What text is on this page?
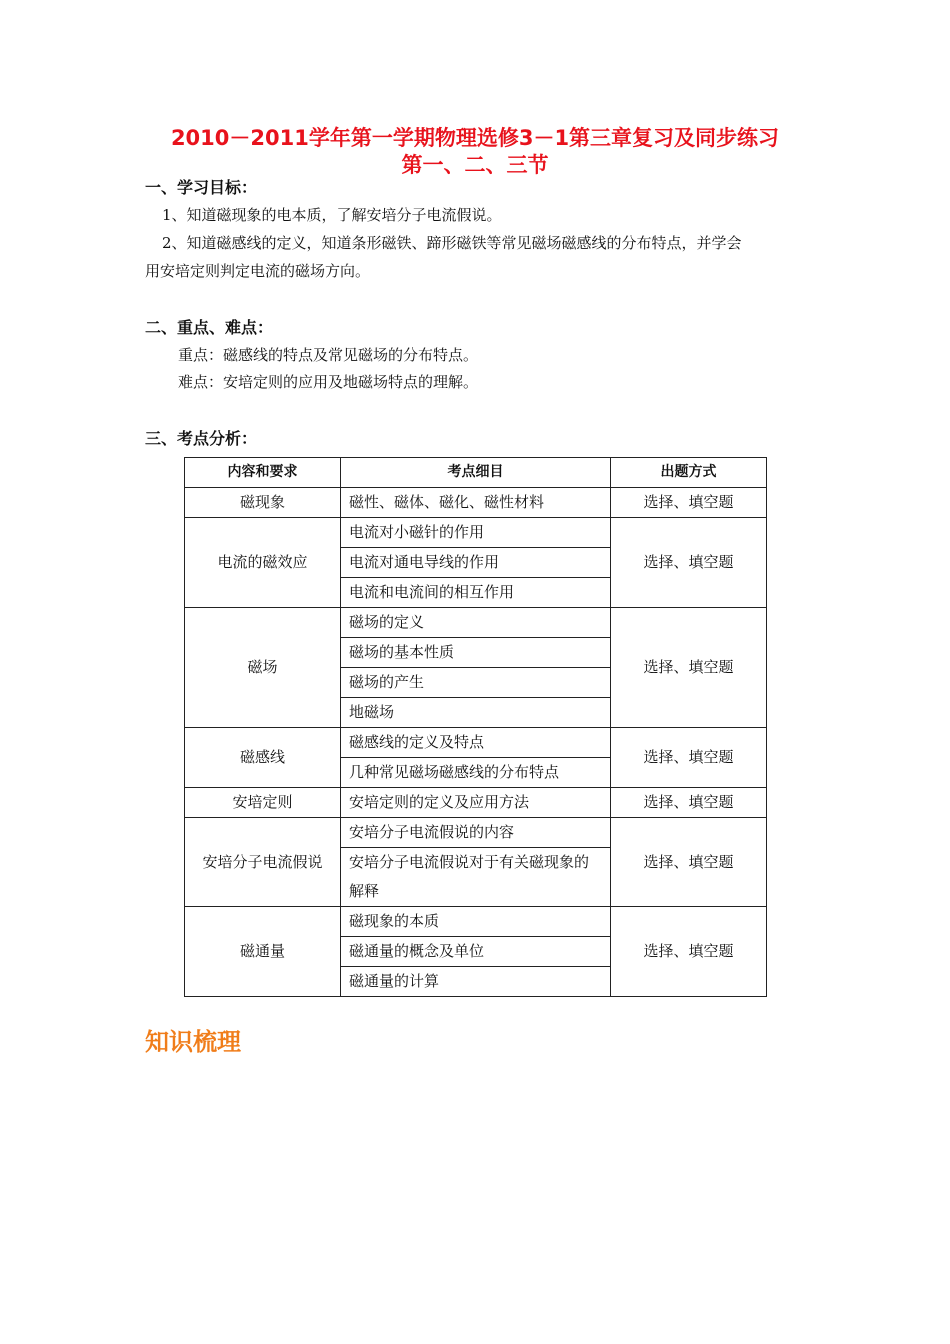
2010－2011学年第一学期物理选修3－1第三章复习及同步练习
第一、二、三节
一、学习目标：
1、知道磁现象的电本质，了解安培分子电流假说。
2、知道磁感线的定义，知道条形磁铁、蹄形磁铁等常见磁场磁感线的分布特点，并学会
用安培定则判定电流的磁场方向。
二、重点、难点：
重点：磁感线的特点及常见磁场的分布特点。
难点：安培定则的应用及地磁场特点的理解。
三、考点分析：
内容和要求	考点细目	出题方式
磁现象	磁性、磁体、磁化、磁性材料	选择、填空题
电流的磁效应	电流对小磁针的作用	选择、填空题
	电流对通电导线的作用	
	电流和电流间的相互作用	
磁场	磁场的定义	选择、填空题
	磁场的基本性质	
	磁场的产生	
	地磁场	
磁感线	磁感线的定义及特点	选择、填空题
	几种常见磁场磁感线的分布特点	
安培定则	安培定则的定义及应用方法	选择、填空题
安培分子电流假说	安培分子电流假说的内容	选择、填空题
	安培分子电流假说对于有关磁现象的解释	
磁通量	磁现象的本质	选择、填空题
	磁通量的概念及单位	
	磁通量的计算	
知识梳理
